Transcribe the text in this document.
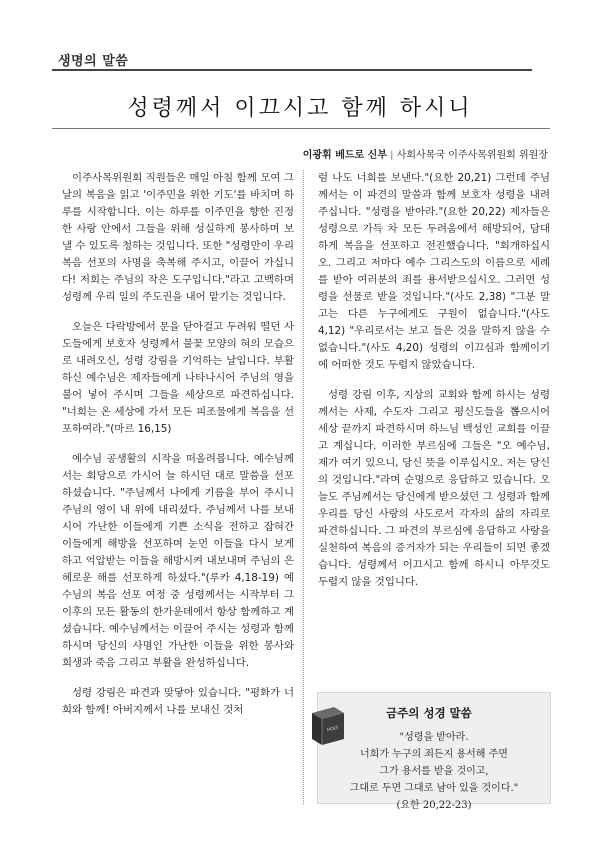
생명의 말씀
성령께서 이끄시고 함께 하시니
이광휘 베드로 신부 | 사회사목국 이주사목위원회 위원장

이주사목위원회 직원들은 매일 아침 함께 모여 그날의 복음을 읽고 '이주민을 위한 기도'를 바치며 하루를 시작합니다. 이는 하루를 이주민을 향한 진정한 사랑 안에서 그들을 위해 성실하게 봉사하며 보낼 수 있도록 청하는 것입니다. 또한 "성령만이 우리 복음 선포의 사명을 축복해 주시고, 이끌어 가십니다! 저희는 주님의 작은 도구입니다."라고 고백하며 성령께 우리 일의 주도권을 내어 맡기는 것입니다.

오늘은 다락방에서 문을 닫아걸고 두려워 떨던 사도들에게 보호자 성령께서 불꽃 모양의 혀의 모습으로 내려오신, 성령 강림을 기억하는 날입니다. 부활하신 예수님은 제자들에게 나타나시어 주님의 영을 불어 넣어 주시며 그들을 세상으로 파견하십니다. "너희는 온 세상에 가서 모든 피조물에게 복음을 선포하여라."(마르 16,15)

예수님 공생활의 시작을 떠올려봅니다. 예수님께서는 회당으로 가시어 늘 하시던 대로 말씀을 선포하셨습니다. "주님께서 나에게 기름을 부어 주시니 주님의 영이 내 위에 내리셨다. 주님께서 나를 보내시어 가난한 이들에게 기쁜 소식을 전하고 잡혀간 이들에게 해방을 선포하며 눈먼 이들을 다시 보게 하고 억압받는 이들을 해방시켜 내보내며 주님의 은혜로운 해를 선포하게 하셨다."(루카 4,18-19) 예수님의 복음 선포 여정 중 성령께서는 시작부터 그 이후의 모든 활동의 한가운데에서 항상 함께하고 계셨습니다. 예수님께서는 이끌어 주시는 성령과 함께 하시며 당신의 사명인 가난한 이들을 위한 봉사와 희생과 죽음 그리고 부활을 완성하십니다.

성령 강림은 파견과 맞닿아 있습니다. "평화가 너희와 함께! 아버지께서 나를 보내신 것처

럼 나도 너희를 보낸다."(요한 20,21) 그런데 주님께서는 이 파견의 말씀과 함께 보호자 성령을 내려 주십니다. "성령을 받아라."(요한 20,22) 제자들은 성령으로 가득 차 모든 두려움에서 해방되어, 담대하게 복음을 선포하고 전진했습니다. "회개하십시오. 그리고 저마다 예수 그리스도의 이름으로 세례를 받아 여러분의 죄를 용서받으십시오. 그러면 성령을 선물로 받을 것입니다."(사도 2,38) "그분 말고는 다른 누구에게도 구원이 없습니다."(사도 4,12) "우리로서는 보고 들은 것을 말하지 않을 수 없습니다."(사도 4,20) 성령의 이끄심과 함께이기에 어떠한 것도 두렵지 않았습니다.

성령 강림 이후, 지상의 교회와 함께 하시는 성령께서는 사제, 수도자 그리고 평신도들을 뽑으시어 세상 끝까지 파견하시며 하느님 백성인 교회를 이끌고 계십니다. 이러한 부르심에 그들은 "오 예수님, 제가 여기 있으니, 당신 뜻을 이루십시오. 저는 당신의 것입니다."라며 순명으로 응답하고 있습니다. 오늘도 주님께서는 당신에게 받으셨던 그 성령과 함께 우리를 당신 사랑의 사도로서 각자의 삶의 자리로 파견하십니다. 그 파견의 부르심에 응답하고 사랑을 실천하여 복음의 증거자가 되는 우리들이 되면 좋겠습니다. 성령께서 이끄시고 함께 하시니 아무것도 두렵지 않을 것입니다.

HOLY
금주의 성경 말씀
"성령을 받아라.
너희가 누구의 죄든지 용서해 주면
그가 용서를 받을 것이고,
그대로 두면 그대로 남아 있을 것이다."
(요한 20,22-23)
